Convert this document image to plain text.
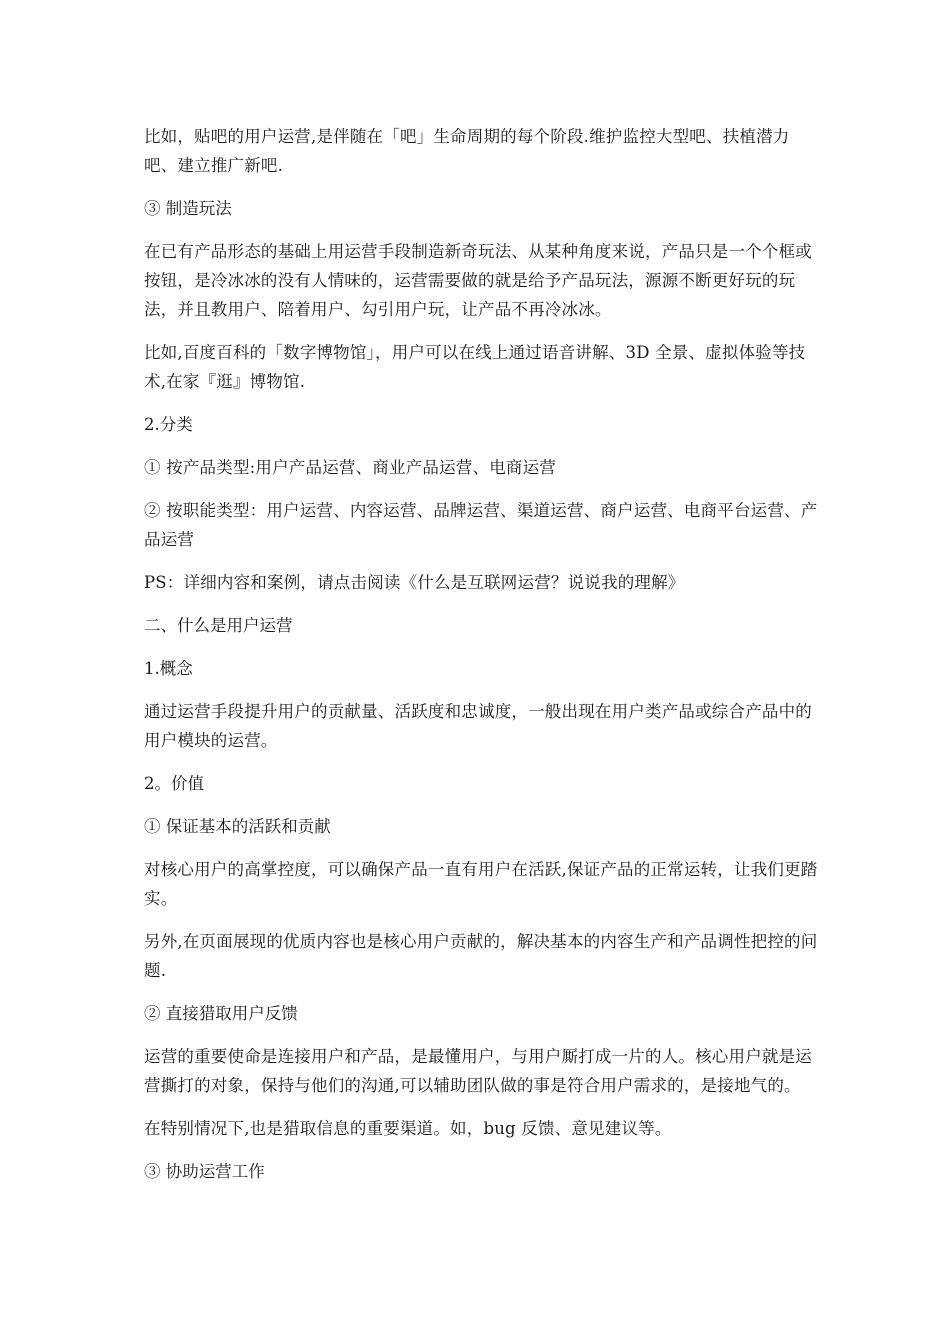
比如，贴吧的用户运营,是伴随在「吧」生命周期的每个阶段.维护监控大型吧、扶植潜力吧、建立推广新吧.

③ 制造玩法

在已有产品形态的基础上用运营手段制造新奇玩法、从某种角度来说，产品只是一个个框或按钮，是冷冰冰的没有人情味的，运营需要做的就是给予产品玩法，源源不断更好玩的玩法，并且教用户、陪着用户、勾引用户玩，让产品不再冷冰冰。

比如,百度百科的「数字博物馆」，用户可以在线上通过语音讲解、3D 全景、虚拟体验等技术,在家『逛』博物馆.

2.分类

① 按产品类型:用户产品运营、商业产品运营、电商运营

② 按职能类型：用户运营、内容运营、品牌运营、渠道运营、商户运营、电商平台运营、产品运营

PS：详细内容和案例，请点击阅读《什么是互联网运营？说说我的理解》

二、什么是用户运营

1.概念

通过运营手段提升用户的贡献量、活跃度和忠诚度，一般出现在用户类产品或综合产品中的用户模块的运营。

2。价值

① 保证基本的活跃和贡献

对核心用户的高掌控度，可以确保产品一直有用户在活跃,保证产品的正常运转，让我们更踏实。

另外,在页面展现的优质内容也是核心用户贡献的，解决基本的内容生产和产品调性把控的问题.

② 直接猎取用户反馈

运营的重要使命是连接用户和产品，是最懂用户，与用户厮打成一片的人。核心用户就是运营撕打的对象，保持与他们的沟通,可以辅助团队做的事是符合用户需求的，是接地气的。

在特别情况下,也是猎取信息的重要渠道。如，bug 反馈、意见建议等。

③ 协助运营工作
